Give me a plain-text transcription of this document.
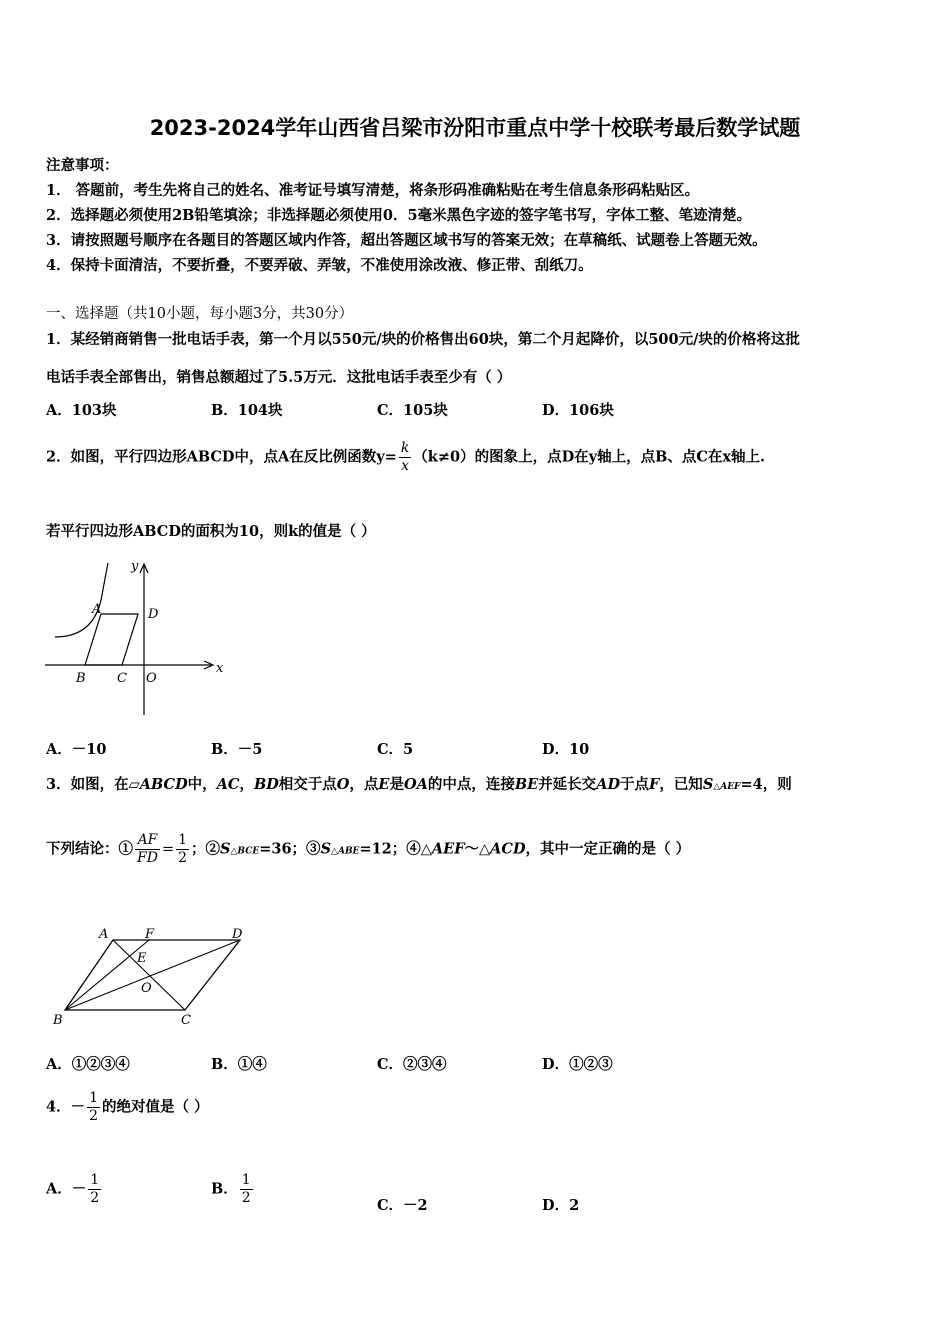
2023-2024学年山西省吕梁市汾阳市重点中学十校联考最后数学试题
注意事项：
1． 答题前，考生先将自己的姓名、准考证号填写清楚，将条形码准确粘贴在考生信息条形码粘贴区。
2．选择题必须使用2B铅笔填涂；非选择题必须使用0．5毫米黑色字迹的签字笔书写，字体工整、笔迹清楚。
3．请按照题号顺序在各题目的答题区域内作答，超出答题区域书写的答案无效；在草稿纸、试题卷上答题无效。
4．保持卡面清洁，不要折叠，不要弄破、弄皱，不准使用涂改液、修正带、刮纸刀。
一、选择题（共10小题，每小题3分，共30分）
1．某经销商销售一批电话手表，第一个月以550元/块的价格售出60块，第二个月起降价，以500元/块的价格将这批
电话手表全部售出，销售总额超过了5.5万元．这批电话手表至少有（ ）
A．103块	B．104块	C．105块	D．106块
2．如图，平行四边形ABCD中，点A在反比例函数$y= \frac{k}{x} (k\ne 0)$的图象上，点D在y轴上，点B、点C在x轴上.
若平行四边形ABCD的面积为10，则k的值是（ ）
A	D
B C O
y
x
A．－10	B．－5	C．5	D．10
3．如图，在▱ABCD中，AC，BD相交于点O，点E是OA的中点，连接BE并延长交AD于点F，已知S△AEF=4，则
下列结论：① $\frac{AF}{FD} = \frac{1}{2}$ ；②S△BCE=36；③S△ABE=12；④△AEF～△ACD，其中一定正确的是（ ）
A	F	D
E
O
B	C
A．①②③④	B．①④	C．②③④	D．①②③
4．－ $\frac{1}{2}$ 的绝对值是（ ）
A．－ $\frac{1}{2}$	B． $\frac{1}{2}$	C．－2	D．2
